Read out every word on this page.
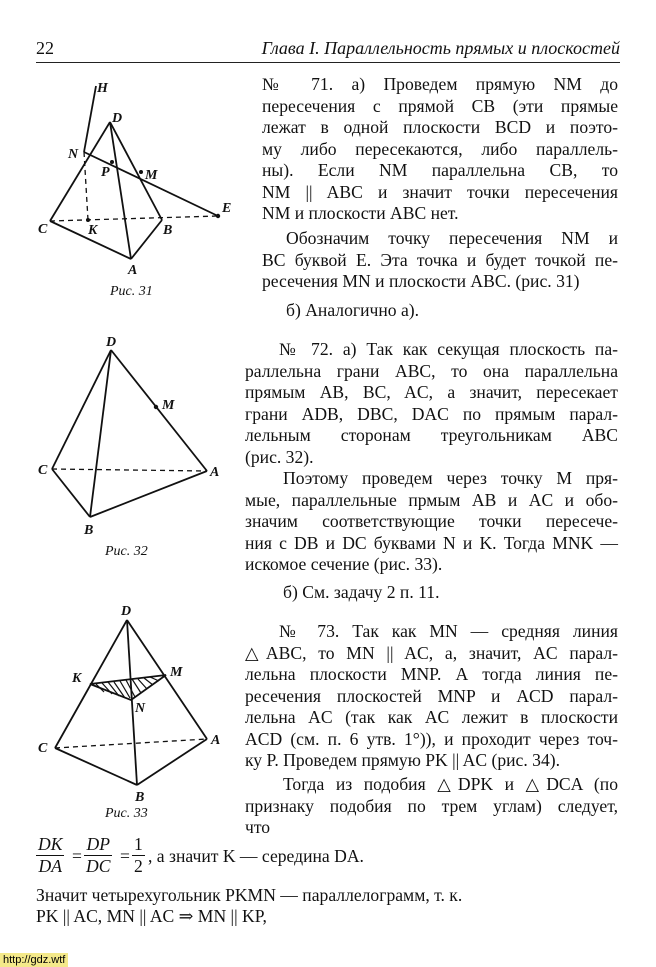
22	Глава I. Параллельность прямых и плоскостей
H
D
N
P	M
E
C	K	B
A
Рис. 31
D
M
C	A
B
Рис. 32
D
K	M
N
C
A
B
Рис. 33
№ 71. а) Проведем прямую NM до
пересечения с прямой CB (эти прямые
лежат в одной плоскости BCD и поэто-
му либо пересекаются, либо параллель-
ны). Если NM параллельна CB, то
NM || ABC и значит точки пересечения
NM и плоскости ABC нет.
Обозначим точку пересечения NM и
BC буквой E. Эта точка и будет точкой пе-
ресечения MN и плоскости ABC. (рис. 31)
б) Аналогично а).
№ 72. а) Так как секущая плоскость па-
раллельна грани ABC, то она параллельна
прямым AB, BC, AC, а значит, пересекает
грани ADB, DBC, DAC по прямым парал-
лельным сторонам треугольникам ABC
(рис. 32).
Поэтому проведем через точку M пря-
мые, параллельные прмым AB и AC и обо-
значим соответствующие точки пересече-
ния с DB и DC буквами N и K. Тогда MNK —
искомое сечение (рис. 33).
б) См. задачу 2 п. 11.
№ 73. Так как MN — средняя линия
△ABC, то MN || AC, а, значит, AC парал-
лельна плоскости MNP. А тогда линия пе-
ресечения плоскостей MNP и ACD парал-
лельна AC (так как AC лежит в плоскости
ACD (см. п. 6 утв. 1°)), и проходит через точ-
ку P. Проведем прямую PK || AC (рис. 34).
Тогда из подобия △DPK и △DCA (по
признаку подобия по трем углам) следует,
что
$\frac{DK}{DA} = \frac{DP}{DC} = \frac{1}{2}$ , а значит K — середина DA.
Значит четырехугольник PKMN — параллелограмм, т. к.
PK || AC, MN || AC ⇒ MN || KP,
http://gdz.wtf
